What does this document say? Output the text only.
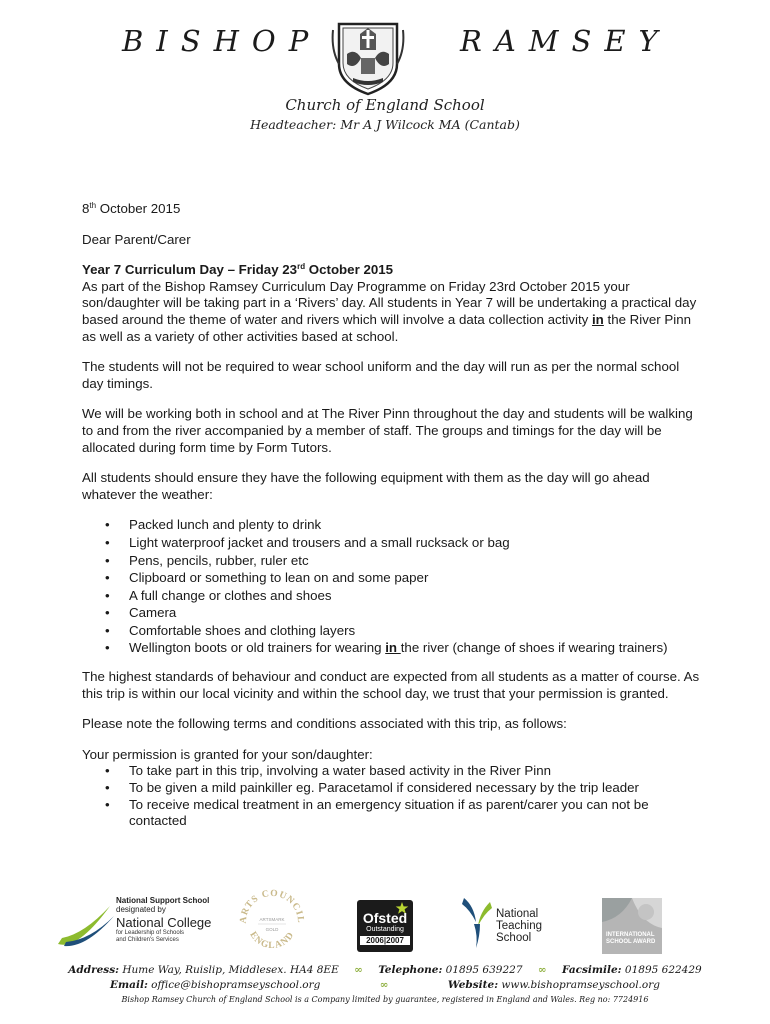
BISHOP	RAMSEY
Church of England School
Headteacher: Mr A J Wilcock MA (Cantab)

8th October 2015

Dear Parent/Carer

Year 7 Curriculum Day – Friday 23rd October 2015

As part of the Bishop Ramsey Curriculum Day Programme on Friday 23rd October 2015 your son/daughter will be taking part in a ‘Rivers’ day. All students in Year 7 will be undertaking a practical day based around the theme of water and rivers which will involve a data collection activity in the River Pinn as well as a variety of other activities based at school.

The students will not be required to wear school uniform and the day will run as per the normal school day timings.

We will be working both in school and at The River Pinn throughout the day and students will be walking to and from the river accompanied by a member of staff. The groups and timings for the day will be allocated during form time by Form Tutors.

All students should ensure they have the following equipment with them as the day will go ahead whatever the weather:

• Packed lunch and plenty to drink
• Light waterproof jacket and trousers and a small rucksack or bag
• Pens, pencils, rubber, ruler etc
• Clipboard or something to lean on and some paper
• A full change or clothes and shoes
• Camera
• Comfortable shoes and clothing layers
• Wellington boots or old trainers for wearing in the river (change of shoes if wearing trainers)

The highest standards of behaviour and conduct are expected from all students as a matter of course. As this trip is within our local vicinity and within the school day, we trust that your permission is granted.

Please note the following terms and conditions associated with this trip, as follows:

Your permission is granted for your son/daughter:

• To take part in this trip, involving a water based activity in the River Pinn
• To be given a mild painkiller eg. Paracetamol if considered necessary by the trip leader
• To receive medical treatment in an emergency situation if as parent/carer you can not be contacted
National Support School
designated by
National College
for Leadership of Schools
and Children's Services
ARTS COUNCIL
ENGLAND
ARTSMARK
GOLD
Ofsted
Outstanding
2006|2007
National
Teaching
School	INTERNATIONAL
SCHOOL AWARD
Address: Hume Way, Ruislip, Middlesex. HA4 8EE ∞ Telephone: 01895 639227 ∞ Facsimile: 01895 622429
Email: office@bishopramseyschool.org	∞	Website: www.bishopramseyschool.org
Bishop Ramsey Church of England School is a Company limited by guarantee, registered in England and Wales. Reg no: 7724916
